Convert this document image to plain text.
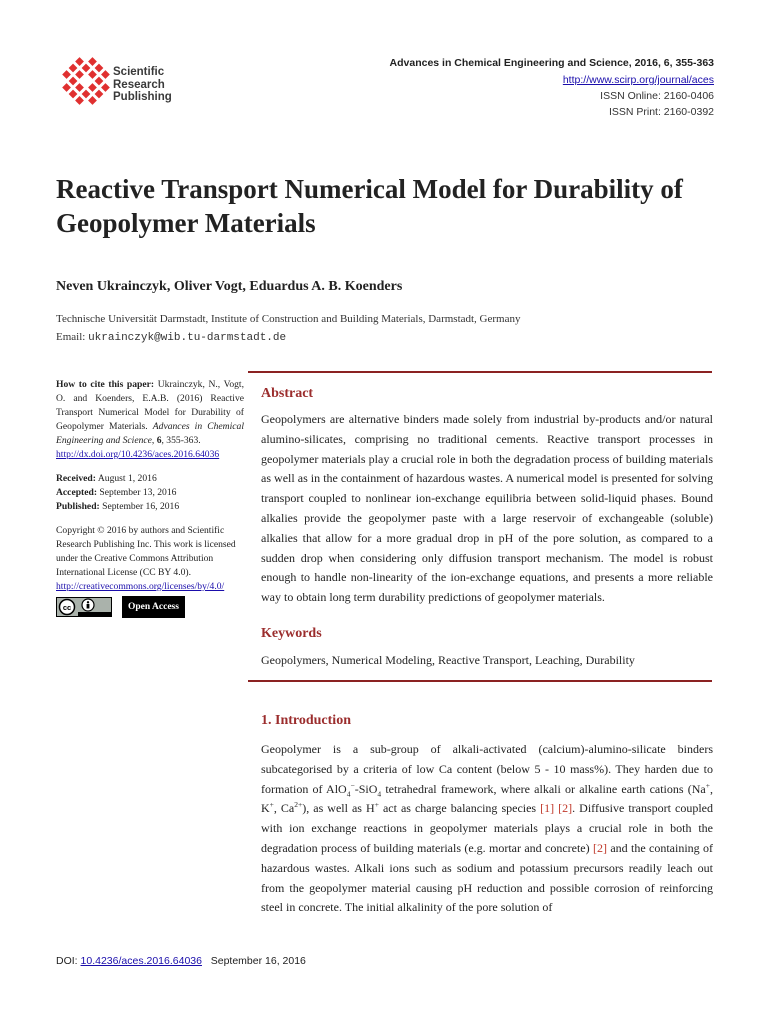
Scientific
Research
Publishing
Advances in Chemical Engineering and Science, 2016, 6, 355-363
http://www.scirp.org/journal/aces
ISSN Online: 2160-0406
ISSN Print: 2160-0392
Reactive Transport Numerical Model for Durability of Geopolymer Materials
Neven Ukrainczyk, Oliver Vogt, Eduardus A. B. Koenders
Technische Universität Darmstadt, Institute of Construction and Building Materials, Darmstadt, Germany
Email: ukrainczyk@wib.tu-darmstadt.de

How to cite this paper: Ukrainczyk, N., Vogt, O. and Koenders, E.A.B. (2016) Reactive Transport Numerical Model for Durability of Geopolymer Materials. Advances in Chemical Engineering and Science, 6, 355-363.
http://dx.doi.org/10.4236/aces.2016.64036

Received: August 1, 2016
Accepted: September 13, 2016
Published: September 16, 2016

Copyright © 2016 by authors and Scientific Research Publishing Inc. This work is licensed under the Creative Commons Attribution International License (CC BY 4.0).
http://creativecommons.org/licenses/by/4.0/

cc	Open Access
Abstract

Geopolymers are alternative binders made solely from industrial by-products and/or natural alumino-silicates, comprising no traditional cements. Reactive transport processes in geopolymer materials play a crucial role in both the degradation process of building materials as well as in the containment of hazardous wastes. A numerical model is presented for solving transport coupled to nonlinear ion-exchange equilibria between solid-liquid phases. Bound alkalies provide the geopolymer paste with a large reservoir of exchangeable (soluble) alkalies that allow for a more gradual drop in pH of the pore solution, as compared to a sudden drop when considering only diffusion transport mechanism. The model is robust enough to handle non-linearity of the ion-exchange equations, and presents a more reliable way to obtain long term durability predictions of geopolymer materials.

Keywords

Geopolymers, Numerical Modeling, Reactive Transport, Leaching, Durability

1. Introduction

Geopolymer is a sub-group of alkali-activated (calcium)-alumino-silicate binders subcategorised by a criteria of low Ca content (below 5 - 10 mass%). They harden due to formation of AlO$_4$−-SiO$_4$ tetrahedral framework, where alkali or alkaline earth cations (Na+, K+, $Ca^{2+}$), as well as H+ act as charge balancing species [1] [2]. Diffusive transport coupled with ion exchange reactions in geopolymer materials plays a crucial role in both the degradation process of building materials (e.g. mortar and concrete) [2] and the containing of hazardous wastes. Alkali ions such as sodium and potassium precursors readily leach out from the geopolymer material causing pH reduction and possible corrosion of reinforcing steel in concrete. The initial alkalinity of the pore solution of

DOI: 10.4236/aces.2016.64036 September 16, 2016
